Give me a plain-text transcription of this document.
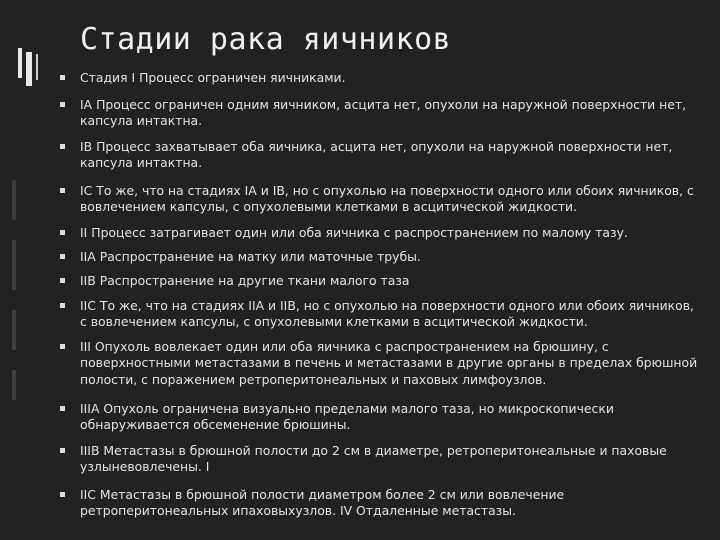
Стадии рака яичников
Стадия I Процесс ограничен яичниками.
IA Процесс ограничен одним яичником, асцита нет, опухоли на наружной поверхности нет, капсула интактна.
IB Процесс захватывает оба яичника, асцита нет, опухоли на наружной поверхности нет, капсула интактна.
IC То же, что на стадиях IA и IB, но с опухолью на поверхности одного или обоих яичников, с вовлечением капсулы, с опухолевыми клетками в асцитической жидкости.
II Процесс затрагивает один или оба яичника с распространением по малому тазу.
IIA Распространение на матку или маточные трубы.
IIB Распространение на другие ткани малого таза
IIC То же, что на стадиях IIA и IIB, но с опухолью на поверхности одного или обоих яичников, с вовлечением капсулы, с опухолевыми клетками в асцитической жидкости.
III Опухоль вовлекает один или оба яичника с распространением на брюшину, с поверхностными метастазами в печень и метастазами в другие органы в пределах брюшной полости, с поражением ретроперитонеальных и паховых лимфоузлов.
IIIA Опухоль ограничена визуально пределами малого таза, но микроскопически обнаруживается обсеменение брюшины.
IIIB Метастазы в брюшной полости до 2 см в диаметре, ретроперитонеальные и паховые узлыневовлечены. I
IIC Метастазы в брюшной полости диаметром более 2 см или вовлечение ретроперитонеальных ипаховыхузлов. IV Отдаленные метастазы.
